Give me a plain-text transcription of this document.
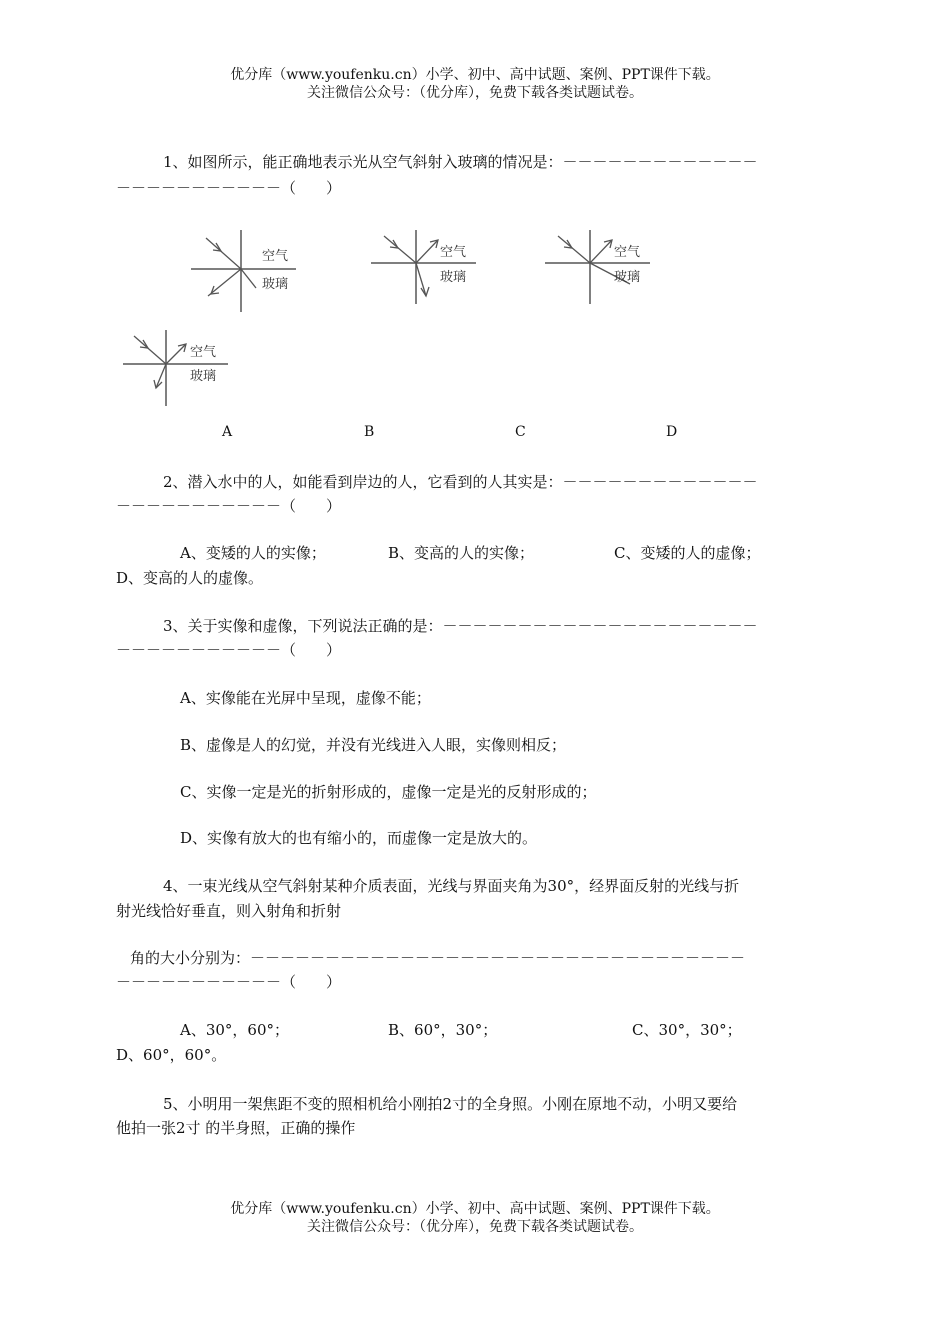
优分库（www.youfenku.cn）小学、初中、高中试题、案例、PPT课件下载。
关注微信公众号：（优分库），免费下载各类试题试卷。
1、如图所示，能正确地表示光从空气斜射入玻璃的情况是：－－－－－－－－－－－－－
－－－－－－－－－－－（　　）
空气
玻璃
空气
玻璃
空气
玻璃
空气
玻璃
A	B	C	D
2、潜入水中的人，如能看到岸边的人，它看到的人其实是：－－－－－－－－－－－－－
－－－－－－－－－－－（　　）
A、变矮的人的实像；	B、变高的人的实像；	C、变矮的人的虚像；
D、变高的人的虚像。
3、关于实像和虚像，下列说法正确的是：－－－－－－－－－－－－－－－－－－－－－
－－－－－－－－－－－（　　）
A、实像能在光屏中呈现，虚像不能；
B、虚像是人的幻觉，并没有光线进入人眼，实像则相反；
C、实像一定是光的折射形成的，虚像一定是光的反射形成的；
D、实像有放大的也有缩小的，而虚像一定是放大的。
4、一束光线从空气斜射某种介质表面，光线与界面夹角为30°，经界面反射的光线与折
射光线恰好垂直，则入射角和折射
角的大小分别为：－－－－－－－－－－－－－－－－－－－－－－－－－－－－－－－－－
－－－－－－－－－－－（　　）
A、30°，60°；	B、60°，30°；	C、30°，30°；
D、60°，60°。
5、小明用一架焦距不变的照相机给小刚拍2寸的全身照。小刚在原地不动，小明又要给
他拍一张2寸 的半身照，正确的操作
优分库（www.youfenku.cn）小学、初中、高中试题、案例、PPT课件下载。
关注微信公众号：（优分库），免费下载各类试题试卷。
